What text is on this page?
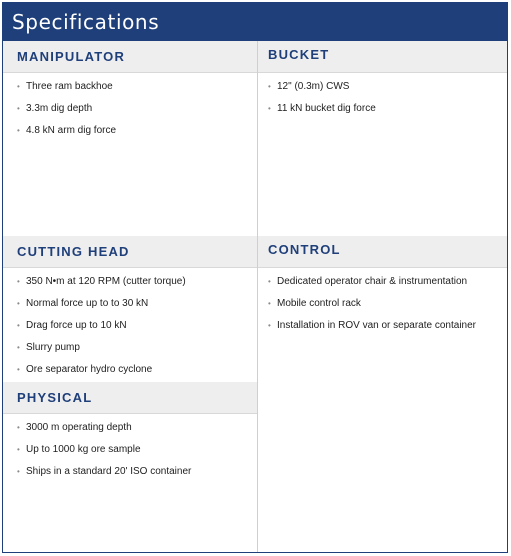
Specifications
MANIPULATOR
• Three ram backhoe
• 3.3m dig depth
• 4.8 kN arm dig force
BUCKET
• 12" (0.3m) CWS
• 11 kN bucket dig force
CUTTING HEAD
• 350 N•m at 120 RPM (cutter torque)
• Normal force up to to 30 kN
• Drag force up to 10 kN
• Slurry pump
• Ore separator hydro cyclone
CONTROL
• Dedicated operator chair & instrumentation
• Mobile control rack
• Installation in ROV van or separate container
PHYSICAL
• 3000 m operating depth
• Up to 1000 kg ore sample
• Ships in a standard 20' ISO container
